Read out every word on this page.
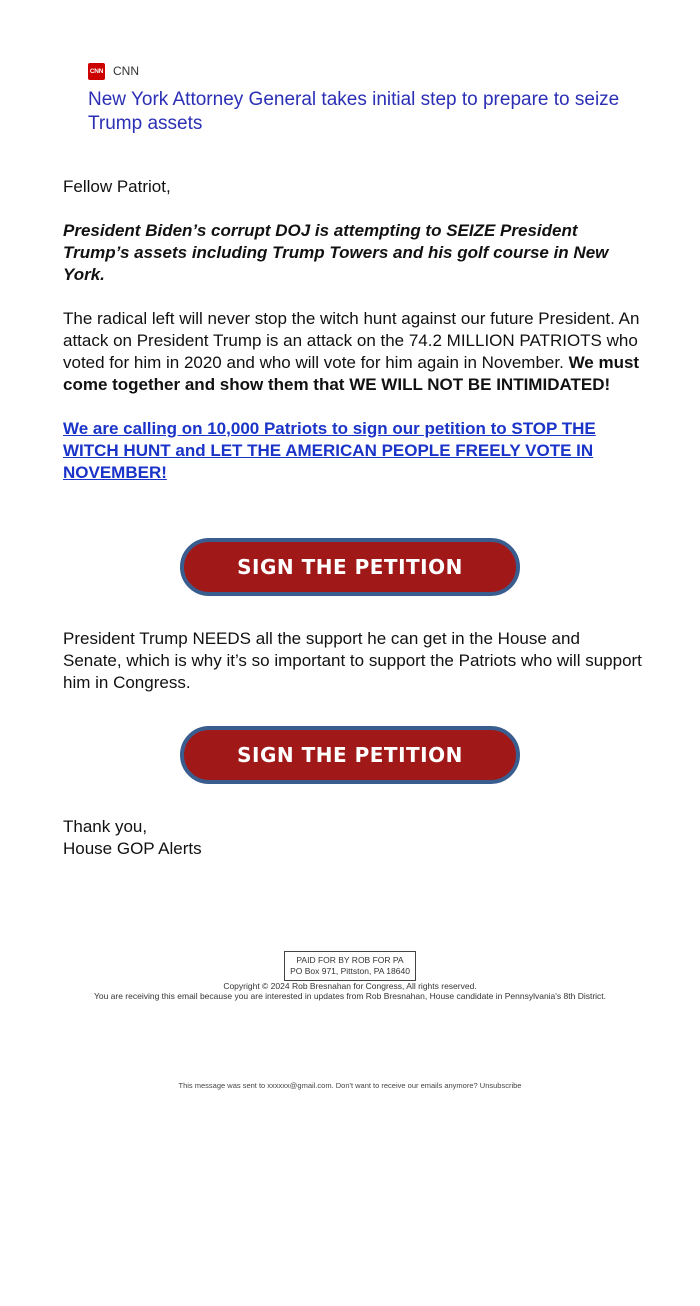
CNN CNN
New York Attorney General takes initial step to prepare to seize Trump assets

Fellow Patriot,

President Biden’s corrupt DOJ is attempting to SEIZE President Trump’s assets including Trump Towers and his golf course in New York.

The radical left will never stop the witch hunt against our future President. An attack on President Trump is an attack on the 74.2 MILLION PATRIOTS who voted for him in 2020 and who will vote for him again in November. We must come together and show them that WE WILL NOT BE INTIMIDATED!

We are calling on 10,000 Patriots to sign our petition to STOP THE WITCH HUNT and LET THE AMERICAN PEOPLE FREELY VOTE IN NOVEMBER!

SIGN THE PETITION
President Trump NEEDS all the support he can get in the House and Senate, which is why it’s so important to support the Patriots who will support him in Congress.
SIGN THE PETITION
Thank you,
House GOP Alerts
PAID FOR BY ROB FOR PA
PO Box 971, Pittston, PA 18640

Copyright © 2024 Rob Bresnahan for Congress, All rights reserved.

You are receiving this email because you are interested in updates from Rob Bresnahan, House candidate in Pennsylvania's 8th District.

This message was sent to xxxxxx@gmail.com. Don't want to receive our emails anymore? Unsubscribe
